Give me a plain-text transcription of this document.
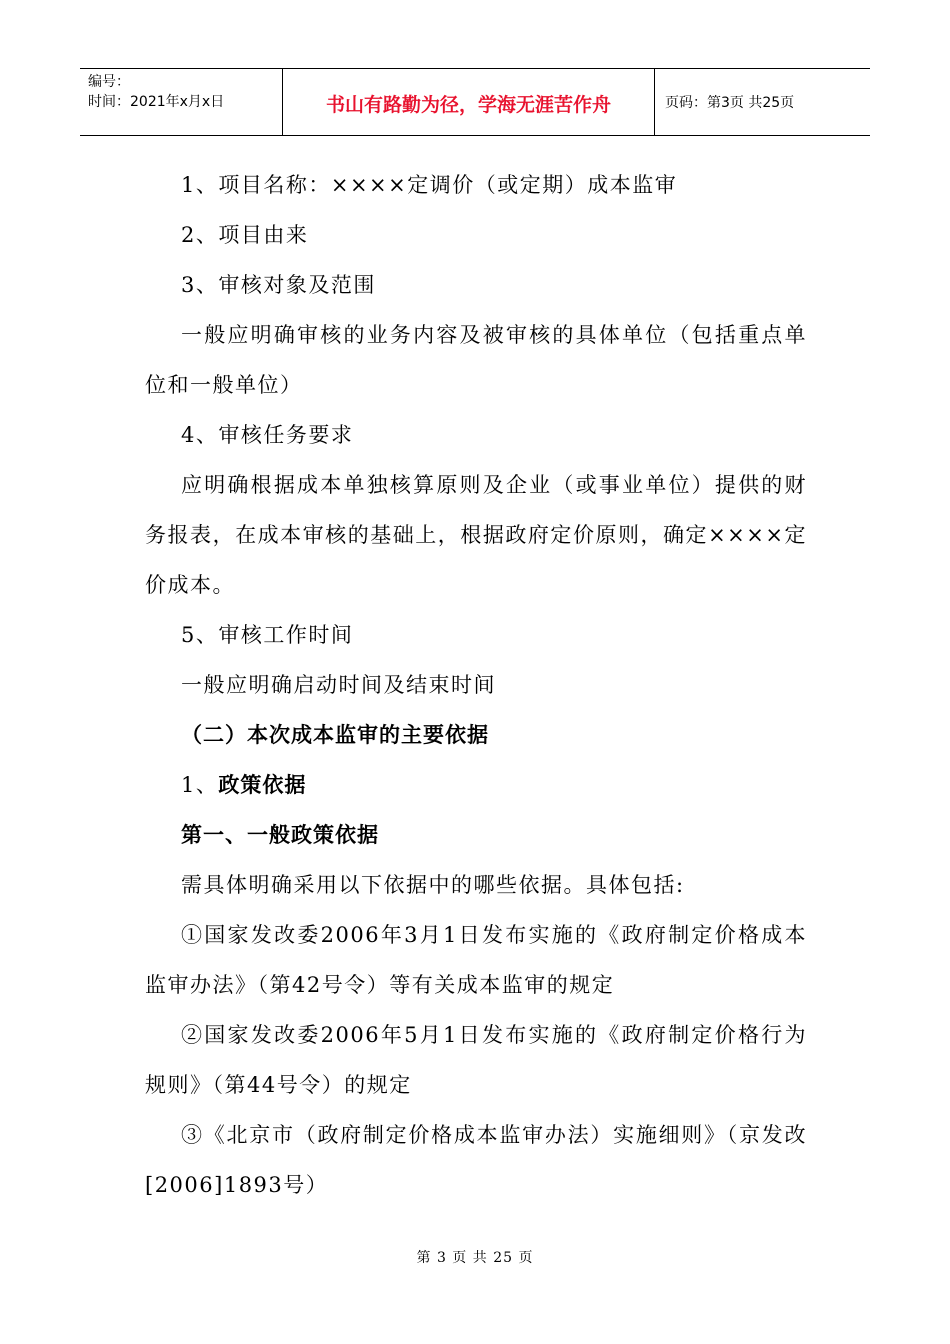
编号：
时间：2021年x月x日	书山有路勤为径，学海无涯苦作舟	页码：第3页 共25页

1、项目名称：××××定调价（或定期）成本监审

2、项目由来

3、审核对象及范围

一般应明确审核的业务内容及被审核的具体单位（包括重点单位和一般单位）

4、审核任务要求

应明确根据成本单独核算原则及企业（或事业单位）提供的财务报表，在成本审核的基础上，根据政府定价原则，确定××××定价成本。

5、审核工作时间

一般应明确启动时间及结束时间

（二）本次成本监审的主要依据

1、政策依据

第一、一般政策依据

需具体明确采用以下依据中的哪些依据。具体包括:

①国家发改委2006年3月1日发布实施的《政府制定价格成本监审办法》（第42号令）等有关成本监审的规定

②国家发改委2006年5月1日发布实施的《政府制定价格行为规则》（第44号令）的规定

③《北京市（政府制定价格成本监审办法）实施细则》（京发改[2006]1893号）

第 3 页 共 25 页
